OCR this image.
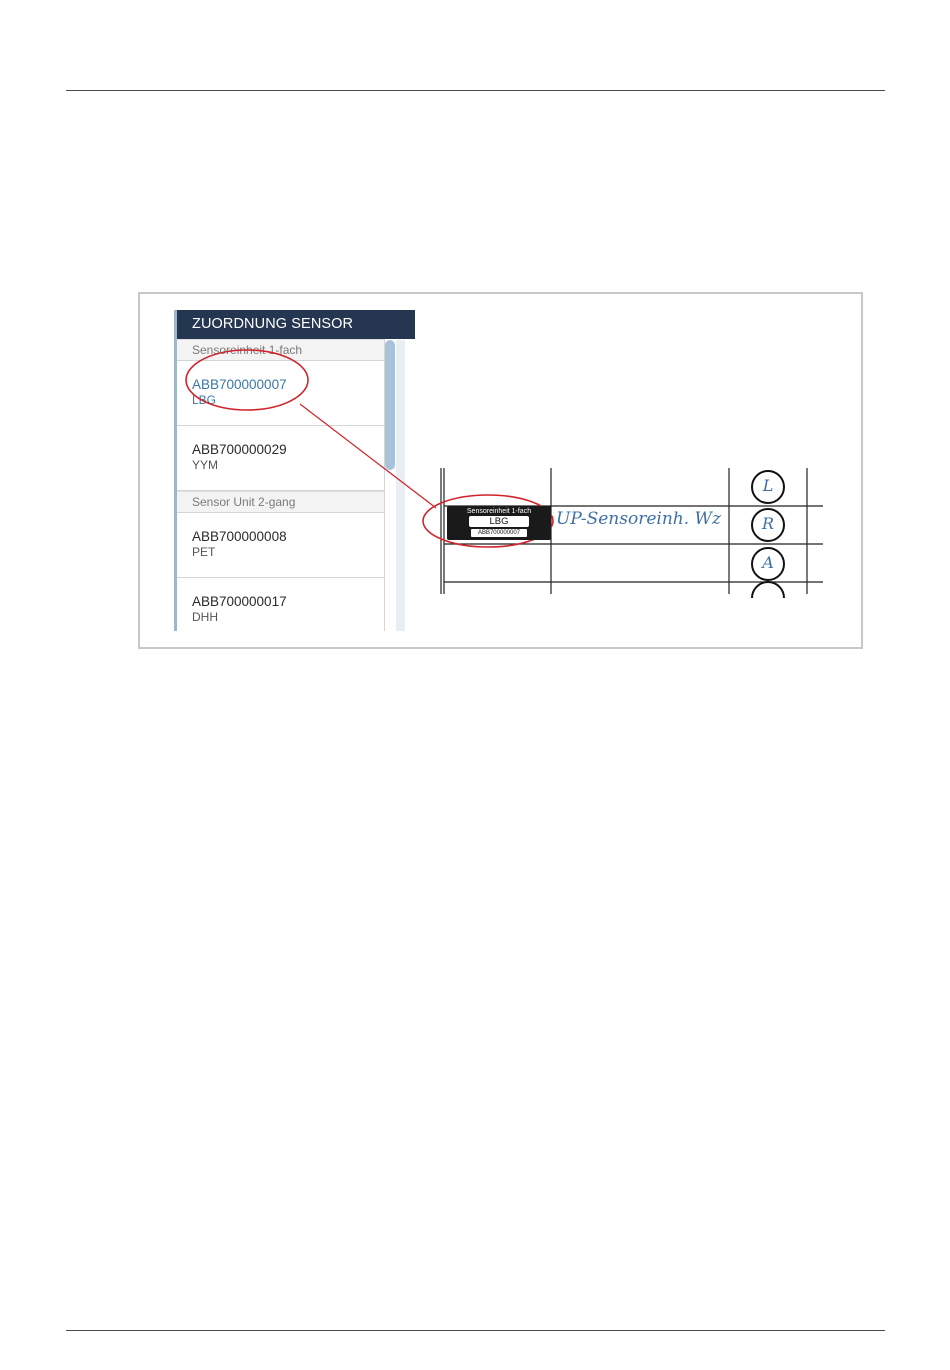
ZUORDNUNG SENSOR
Sensoreinheit 1-fach
ABB700000007
LBG
ABB700000029
YYM
Sensor Unit 2-gang
ABB700000008
PET
ABB700000017
DHH
Sensoreinheit 1-fach
LBG
ABB700000007
UP-Sensoreinh. Wz
L
R
A
